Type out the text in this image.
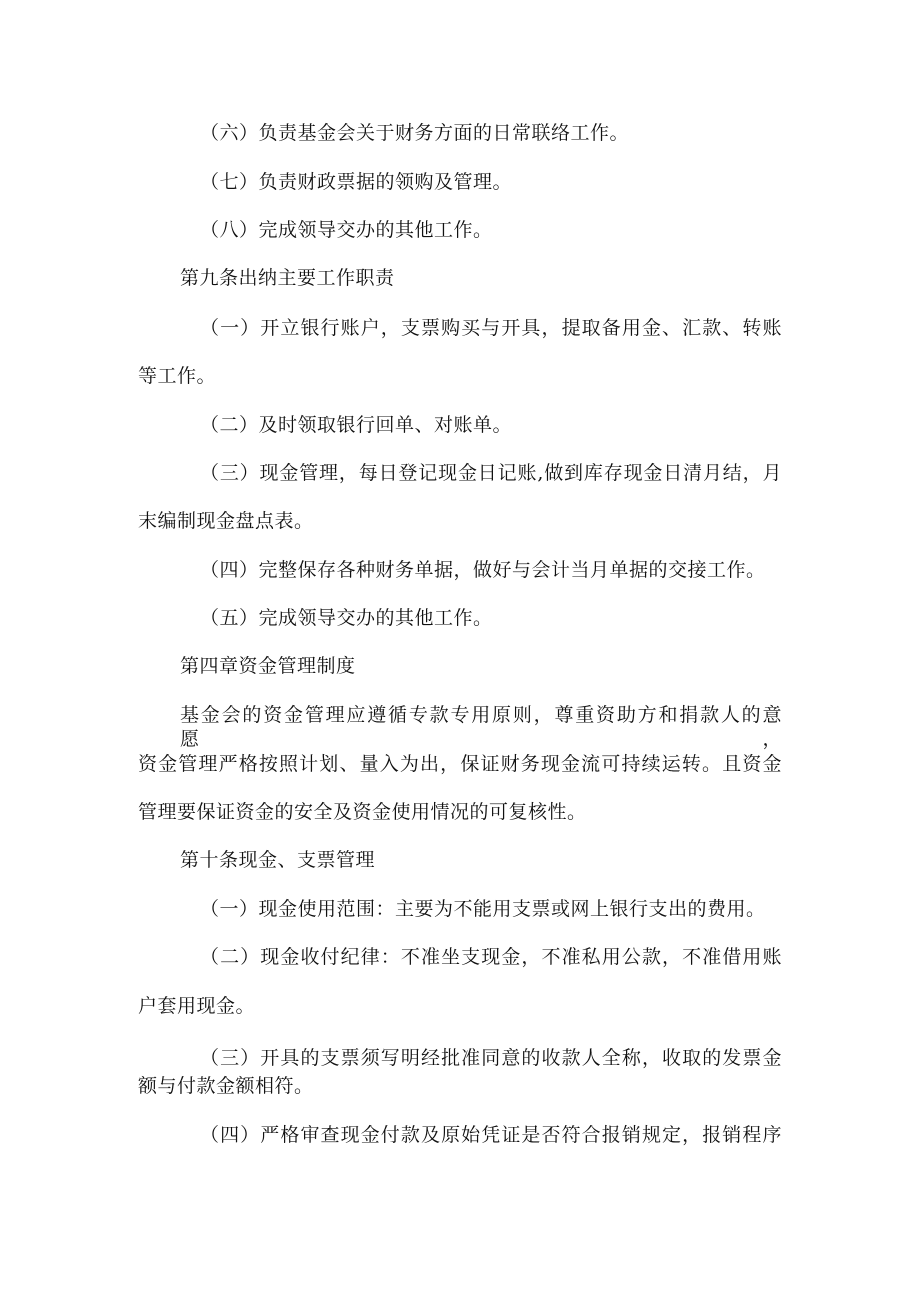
（六）负责基金会关于财务方面的日常联络工作。
（七）负责财政票据的领购及管理。
（八）完成领导交办的其他工作。
第九条出纳主要工作职责
（一）开立银行账户，支票购买与开具，提取备用金、汇款、转账
等工作。
（二）及时领取银行回单、对账单。
（三）现金管理，每日登记现金日记账,做到库存现金日清月结，月
末编制现金盘点表。
（四）完整保存各种财务单据，做好与会计当月单据的交接工作。
（五）完成领导交办的其他工作。
第四章资金管理制度
基金会的资金管理应遵循专款专用原则，尊重资助方和捐款人的意愿，
资金管理严格按照计划、量入为出，保证财务现金流可持续运转。且资金
管理要保证资金的安全及资金使用情况的可复核性。
第十条现金、支票管理
（一）现金使用范围：主要为不能用支票或网上银行支出的费用。
（二）现金收付纪律：不准坐支现金，不准私用公款，不准借用账
户套用现金。
（三）开具的支票须写明经批准同意的收款人全称，收取的发票金
额与付款金额相符。
（四）严格审查现金付款及原始凭证是否符合报销规定，报销程序
